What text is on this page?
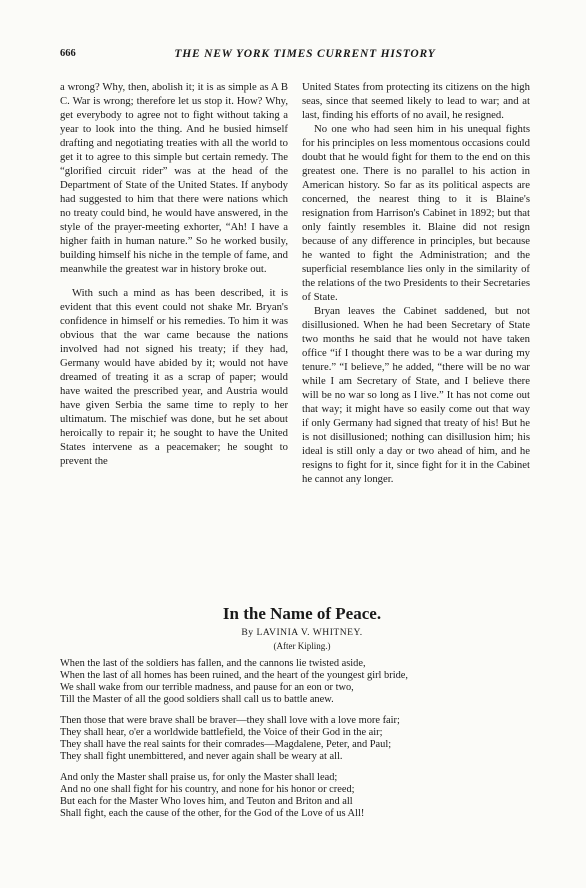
666	THE NEW YORK TIMES CURRENT HISTORY

a wrong? Why, then, abolish it; it is as simple as A B C. War is wrong; therefore let us stop it. How? Why, get everybody to agree not to fight without taking a year to look into the thing. And he busied himself drafting and negotiating treaties with all the world to get it to agree to this simple but certain remedy. The “glorified circuit rider” was at the head of the Department of State of the United States. If anybody had suggested to him that there were nations which no treaty could bind, he would have answered, in the style of the prayer-meeting exhorter, “Ah! I have a higher faith in human nature.” So he worked busily, building himself his niche in the temple of fame, and meanwhile the greatest war in history broke out.

With such a mind as has been described, it is evident that this event could not shake Mr. Bryan's confidence in himself or his remedies. To him it was obvious that the war came because the nations involved had not signed his treaty; if they had, Germany would have abided by it; would not have dreamed of treating it as a scrap of paper; would have waited the prescribed year, and Austria would have given Serbia the same time to reply to her ultimatum. The mischief was done, but he set about heroically to repair it; he sought to have the United States intervene as a peacemaker; he sought to prevent the

United States from protecting its citizens on the high seas, since that seemed likely to lead to war; and at last, finding his efforts of no avail, he resigned.

No one who had seen him in his unequal fights for his principles on less momentous occasions could doubt that he would fight for them to the end on this greatest one. There is no parallel to his action in American history. So far as its political aspects are concerned, the nearest thing to it is Blaine's resignation from Harrison's Cabinet in 1892; but that only faintly resembles it. Blaine did not resign because of any difference in principles, but because he wanted to fight the Administration; and the superficial resemblance lies only in the similarity of the relations of the two Presidents to their Secretaries of State.

Bryan leaves the Cabinet saddened, but not disillusioned. When he had been Secretary of State two months he said that he would not have taken office “if I thought there was to be a war during my tenure.” “I believe,” he added, “there will be no war while I am Secretary of State, and I believe there will be no war so long as I live.” It has not come out that way; it might have so easily come out that way if only Germany had signed that treaty of his! But he is not disillusioned; nothing can disillusion him; his ideal is still only a day or two ahead of him, and he resigns to fight for it, since fight for it in the Cabinet he cannot any longer.

In the Name of Peace.
By LAVINIA V. WHITNEY.
(After Kipling.)
When the last of the soldiers has fallen, and the cannons lie twisted aside,
When the last of all homes has been ruined, and the heart of the youngest girl bride,
We shall wake from our terrible madness, and pause for an eon or two,
Till the Master of all the good soldiers shall call us to battle anew.
Then those that were brave shall be braver—they shall love with a love more fair;
They shall hear, o'er a worldwide battlefield, the Voice of their God in the air;
They shall have the real saints for their comrades—Magdalene, Peter, and Paul;
They shall fight unembittered, and never again shall be weary at all.
And only the Master shall praise us, for only the Master shall lead;
And no one shall fight for his country, and none for his honor or creed;
But each for the Master Who loves him, and Teuton and Briton and all
Shall fight, each the cause of the other, for the God of the Love of us All!
